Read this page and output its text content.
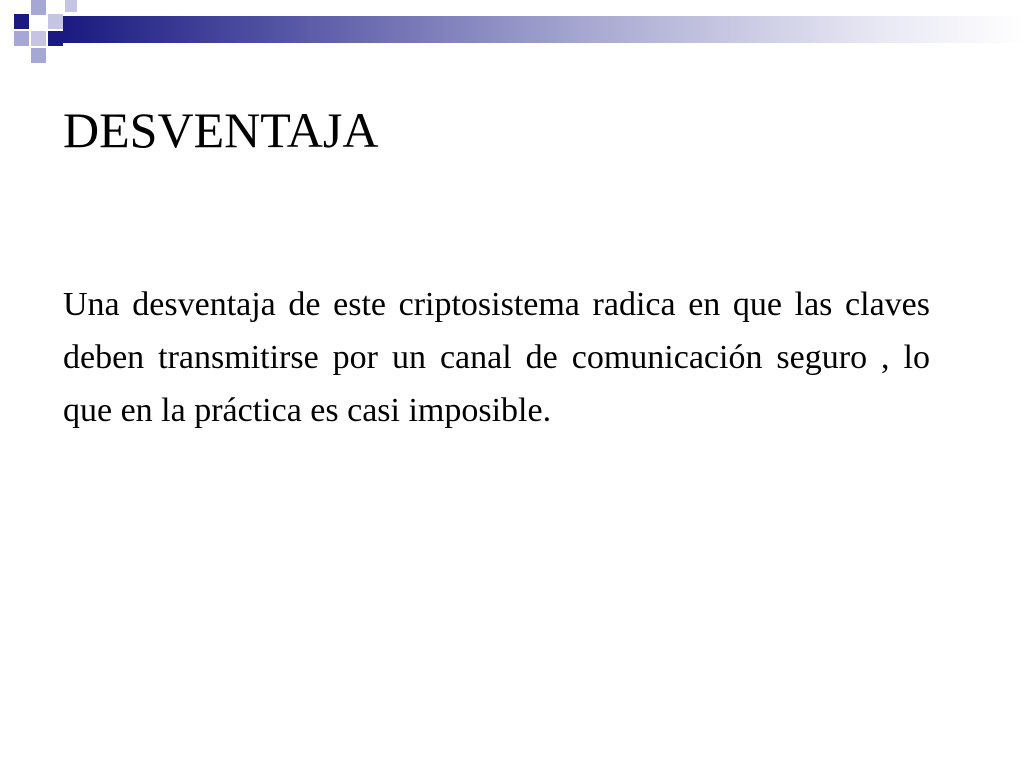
DESVENTAJA

Una desventaja de este criptosistema radica en que las claves deben transmitirse por un canal de comunicación seguro , lo que en la práctica es casi imposible.
